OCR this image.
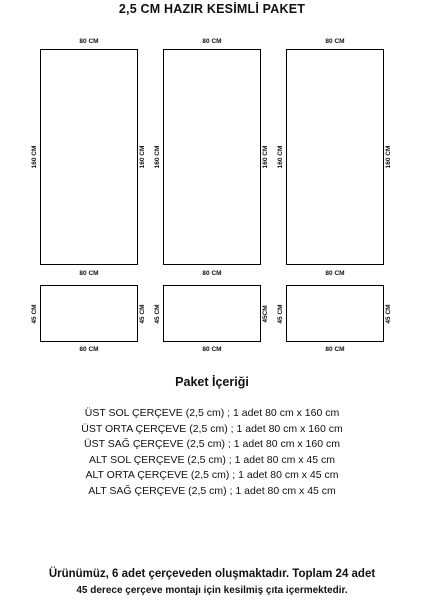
2,5 CM HAZIR KESİMLİ PAKET
80 CM
80 CM
160 CM	160 CM
80 CM
80 CM
160 CM	160 CM
80 CM
80 CM
160 CM	160 CM
80 CM
45 CM	45 CM
80 CM
45 CM	45CM
80 CM
45 CM	45 CM
Paket İçeriği
ÜST SOL ÇERÇEVE (2,5 cm) ; 1 adet 80 cm x 160 cm
ÜST ORTA ÇERÇEVE (2,5 cm) ; 1 adet 80 cm x 160 cm
ÜST SAĞ ÇERÇEVE (2,5 cm) ; 1 adet 80 cm x 160 cm
ALT SOL ÇERÇEVE (2,5 cm) ; 1 adet 80 cm x 45 cm
ALT ORTA ÇERÇEVE (2,5 cm) ; 1 adet 80 cm x 45 cm
ALT SAĞ ÇERÇEVE (2,5 cm) ; 1 adet 80 cm x 45 cm
Ürünümüz, 6 adet çerçeveden oluşmaktadır. Toplam 24 adet
45 derece çerçeve montajı için kesilmiş çıta içermektedir.
